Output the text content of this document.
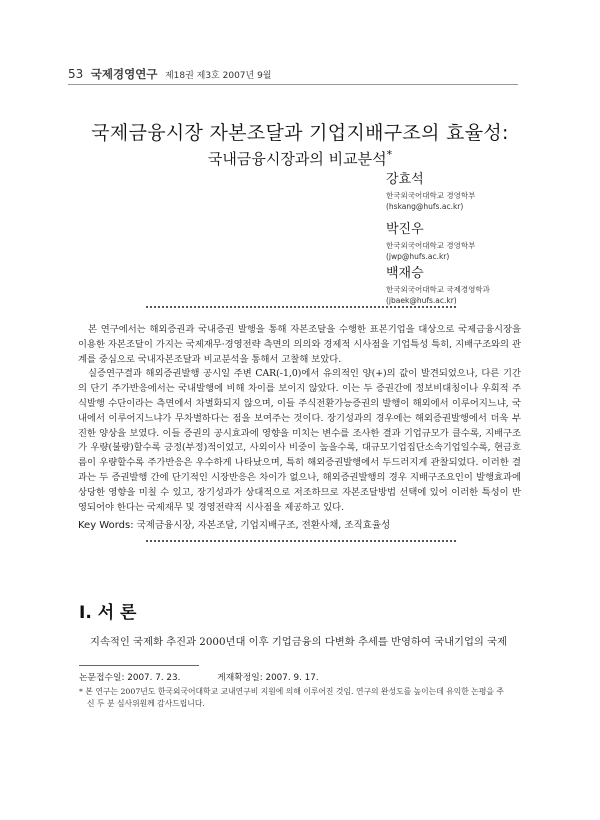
53 국제경영연구 제18권 제3호 2007년 9월
국제금융시장 자본조달과 기업지배구조의 효율성:
국내금융시장과의 비교분석*
강효석
한국외국어대학교 경영학부
(hskang@hufs.ac.kr)
박진우
한국외국어대학교 경영학부
(jwp@hufs.ac.kr)
백재승
한국외국어대학교 국제경영학과
(jbaek@hufs.ac.kr)

본 연구에서는 해외증권과 국내증권 발행을 통해 자본조달을 수행한 표본기업을 대상으로 국제금융시장을 이용한 자본조달이 가지는 국제재무·경영전략 측면의 의의와 경제적 시사점을 기업특성 특히, 지배구조와의 관계를 중심으로 국내자본조달과 비교분석을 통해서 고찰해 보았다.

실증연구결과 해외증권발행 공시일 주변 CAR(-1,0)에서 유의적인 양(+)의 값이 발견되었으나, 다른 기간의 단기 주가반응에서는 국내발행에 비해 차이를 보이지 않았다. 이는 두 증권간에 정보비대칭이나 우회적 주식발행 수단이라는 측면에서 차별화되지 않으며, 이들 주식전환가능증권의 발행이 해외에서 이루어지느냐, 국내에서 이루어지느냐가 무차별하다는 점을 보여주는 것이다. 장기성과의 경우에는 해외증권발행에서 더욱 부진한 양상을 보였다. 이들 증권의 공시효과에 영향을 미치는 변수를 조사한 결과 기업규모가 클수록, 지배구조가 우량(불량)할수록 긍정(부정)적이었고, 사외이사 비중이 높을수록, 대규모기업집단소속기업일수록, 현금흐름이 우량할수록 주가반응은 우수하게 나타났으며, 특히 해외증권발행에서 두드러지게 관찰되었다. 이러한 결과는 두 증권발행 간에 단기적인 시장반응은 차이가 없으나, 해외증권발행의 경우 지배구조요인이 발행효과에 상당한 영향을 미칠 수 있고, 장기성과가 상대적으로 저조하므로 자본조달방법 선택에 있어 이러한 특성이 반영되어야 한다는 국제재무 및 경영전략적 시사점을 제공하고 있다.

Key Words: 국제금융시장, 자본조달, 기업지배구조, 전환사채, 조직효율성
Ⅰ. 서 론
지속적인 국제화 추진과 2000년대 이후 기업금융의 다변화 추세를 반영하여 국내기업의 국제
논문접수일: 2007. 7. 23.	게재확정일: 2007. 9. 17.
* 본 연구는 2007년도 한국외국어대학교 교내연구비 지원에 의해 이루어진 것임. 연구의 완성도를 높이는데 유익한 논평을 주
신 두 분 심사위원께 감사드립니다.
